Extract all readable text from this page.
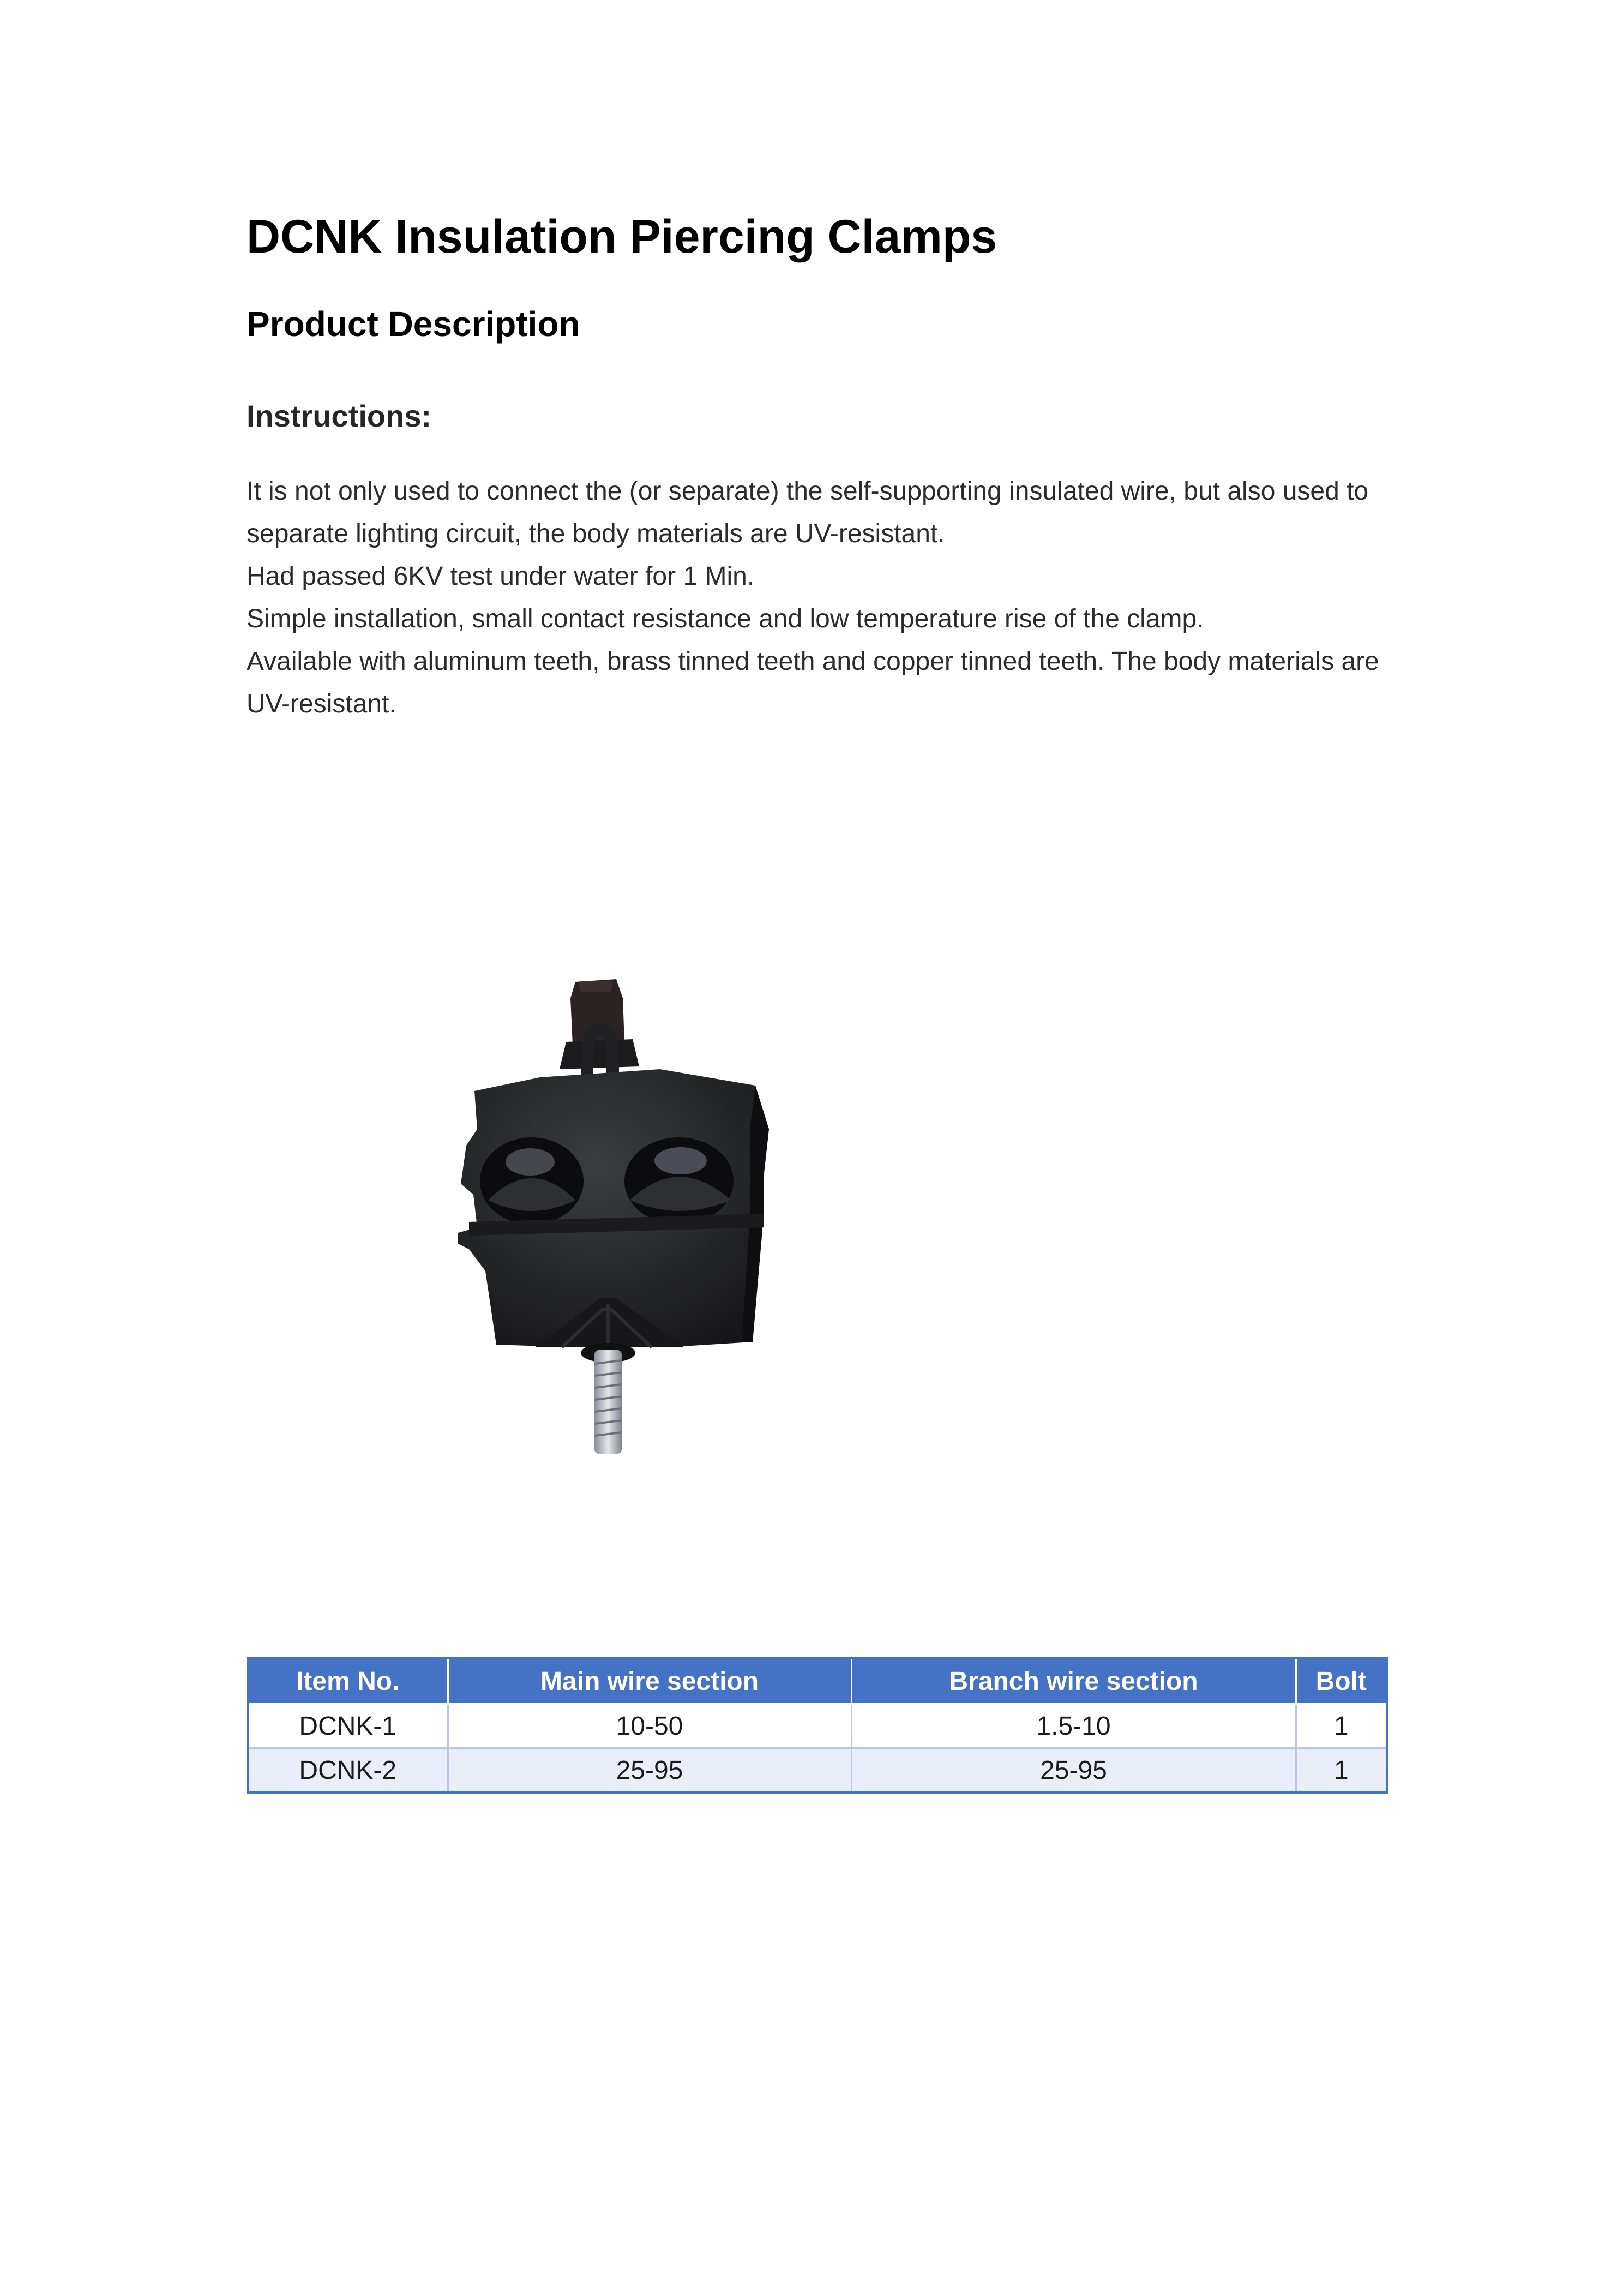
DCNK Insulation Piercing Clamps
Product Description
Instructions:

It is not only used to connect the (or separate) the self-supporting insulated wire, but also used to separate lighting circuit, the body materials are UV-resistant.

Had passed 6KV test under water for 1 Min.

Simple installation, small contact resistance and low temperature rise of the clamp.

Available with aluminum teeth, brass tinned teeth and copper tinned teeth. The body materials are UV-resistant.

Item No.	Main wire section	Branch wire section	Bolt
DCNK-1	10-50	1.5-10	1
DCNK-2	25-95	25-95	1
